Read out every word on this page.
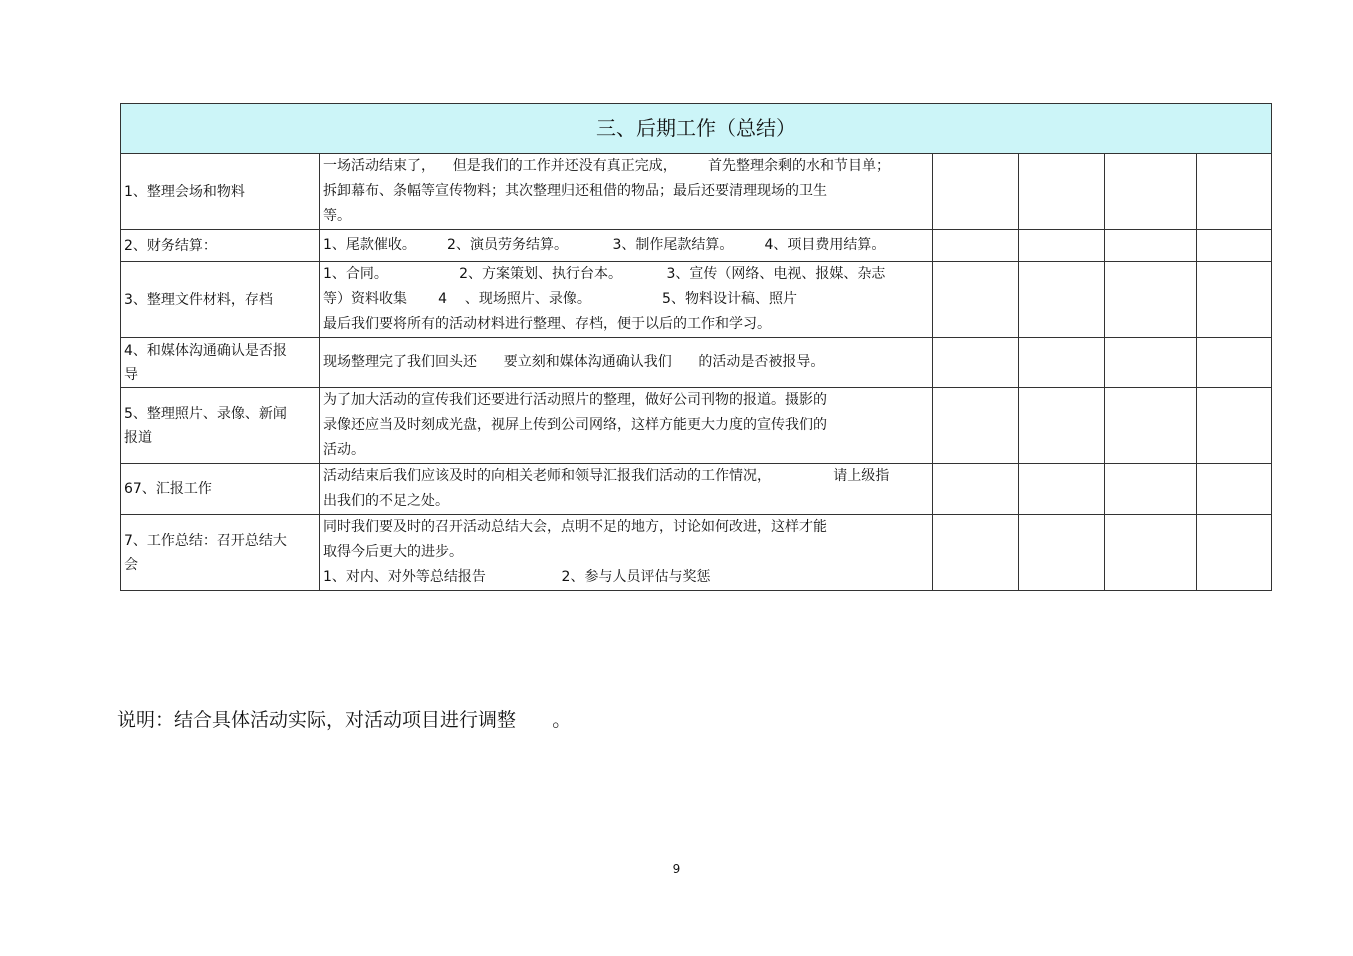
三、后期工作（总结）					

1、整理会场和物料	一场活动结束了，    但是我们的工作并还没有真正完成，       首先整理余剩的水和节目单；
拆卸幕布、条幅等宣传物料；其次整理归还租借的物品；最后还要清理现场的卫生
等。				

2、财务结算：	1、尾款催收。       2、演员劳务结算。          3、制作尾款结算。       4、项目费用结算。				

3、整理文件材料，存档	1、合同。                2、方案策划、执行台本。          3、宣传（网络、电视、报媒、杂志
等）资料收集       4    、现场照片、录像。                5、物料设计稿、照片
最后我们要将所有的活动材料进行整理、存档，便于以后的工作和学习。				

4、和媒体沟通确认是否报
导	现场整理完了我们回头还      要立刻和媒体沟通确认我们      的活动是否被报导。				

5、整理照片、录像、新闻
报道	为了加大活动的宣传我们还要进行活动照片的整理，做好公司刊物的报道。摄影的
录像还应当及时刻成光盘，视屏上传到公司网络，这样方能更大力度的宣传我们的
活动。				

67、汇报工作	活动结束后我们应该及时的向相关老师和领导汇报我们活动的工作情况，              请上级指
出我们的不足之处。				

7、工作总结：召开总结大
会	同时我们要及时的召开活动总结大会，点明不足的地方，讨论如何改进，这样才能
取得今后更大的进步。
1、对内、对外等总结报告                 2、参与人员评估与奖惩				

说明：结合具体活动实际，对活动项目进行调整      。
9
